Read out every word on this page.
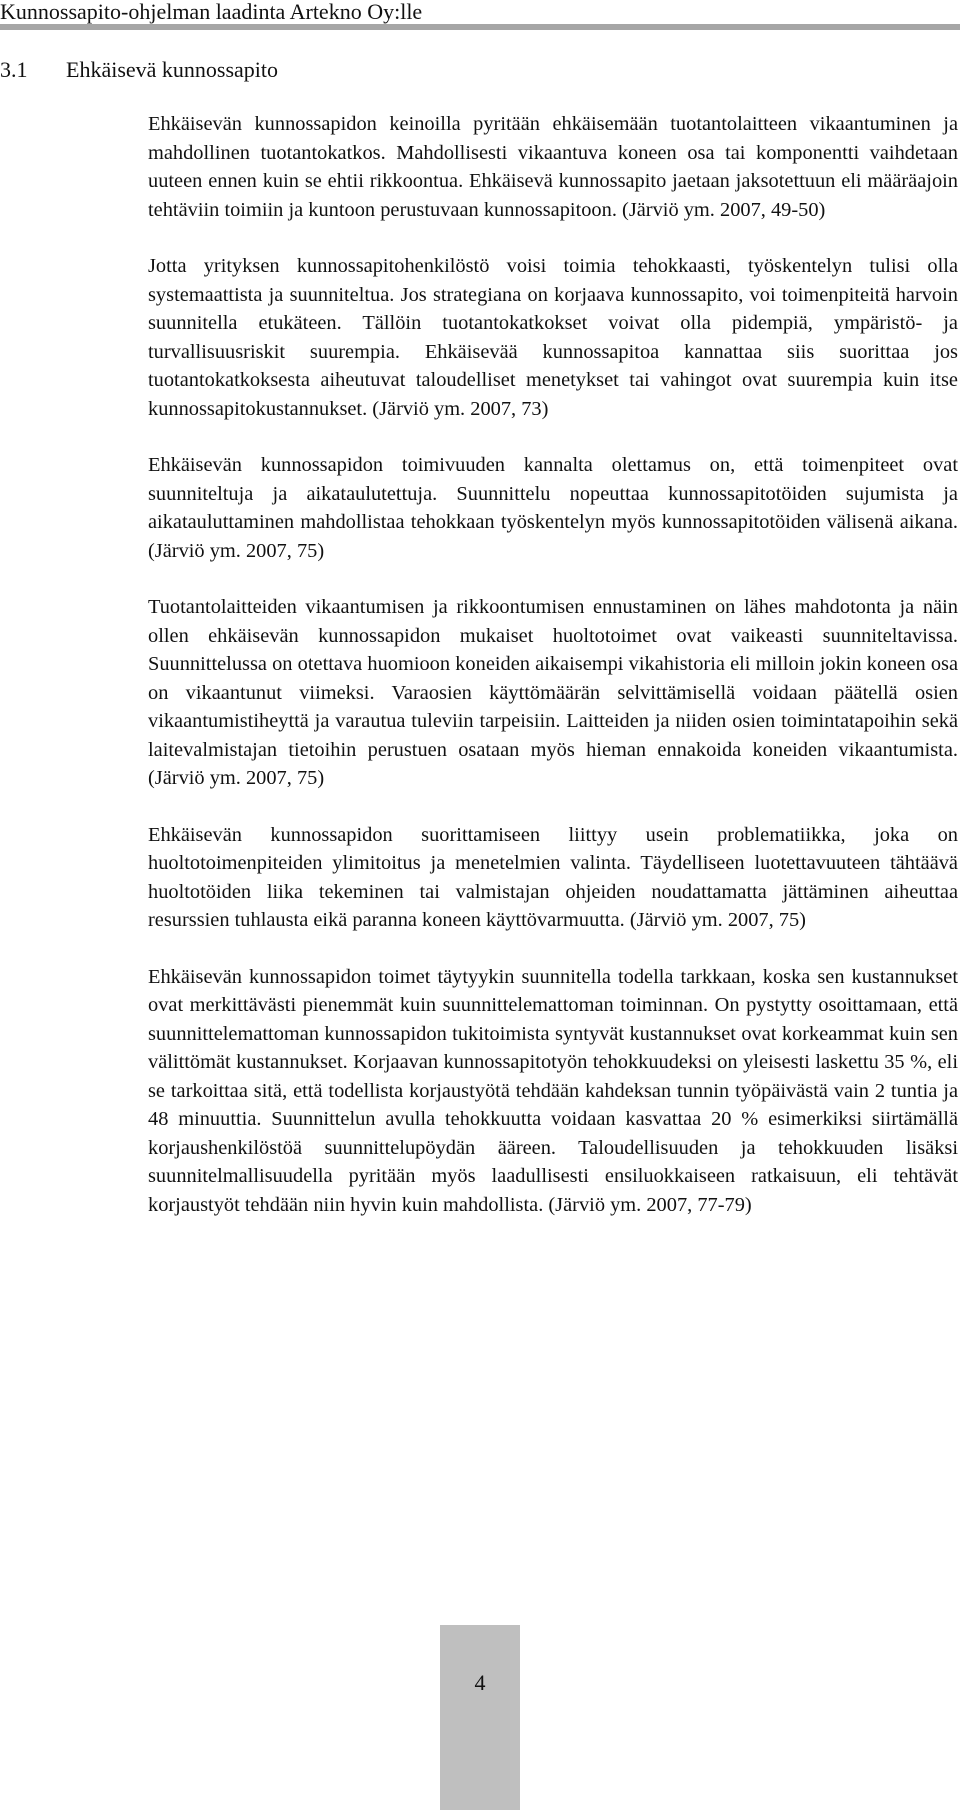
Kunnossapito-ohjelman laadinta Artekno Oy:lle
3.1 Ehkäisevä kunnossapito

Ehkäisevän kunnossapidon keinoilla pyritään ehkäisemään tuotantolaitteen vikaantuminen ja mahdollinen tuotantokatkos. Mahdollisesti vikaantuva koneen osa tai komponentti vaihdetaan uuteen ennen kuin se ehtii rikkoontua. Ehkäisevä kunnossapito jaetaan jaksotettuun eli määräajoin tehtäviin toimiin ja kuntoon perustuvaan kunnossapitoon. (Järviö ym. 2007, 49-50)

Jotta yrityksen kunnossapitohenkilöstö voisi toimia tehokkaasti, työskentelyn tulisi olla systemaattista ja suunniteltua. Jos strategiana on korjaava kunnossapito, voi toimenpiteitä harvoin suunnitella etukäteen. Tällöin tuotantokatkokset voivat olla pidempiä, ympäristö- ja turvallisuusriskit suurempia. Ehkäisevää kunnossapitoa kannattaa siis suorittaa jos tuotantokatkoksesta aiheutuvat taloudelliset menetykset tai vahingot ovat suurempia kuin itse kunnossapitokustannukset. (Järviö ym. 2007, 73)

Ehkäisevän kunnossapidon toimivuuden kannalta olettamus on, että toimenpiteet ovat suunniteltuja ja aikataulutettuja. Suunnittelu nopeuttaa kunnossapitotöiden sujumista ja aikatauluttaminen mahdollistaa tehokkaan työskentelyn myös kunnossapitotöiden välisenä aikana. (Järviö ym. 2007, 75)

Tuotantolaitteiden vikaantumisen ja rikkoontumisen ennustaminen on lähes mahdotonta ja näin ollen ehkäisevän kunnossapidon mukaiset huoltotoimet ovat vaikeasti suunniteltavissa. Suunnittelussa on otettava huomioon koneiden aikaisempi vikahistoria eli milloin jokin koneen osa on vikaantunut viimeksi. Varaosien käyttömäärän selvittämisellä voidaan päätellä osien vikaantumistiheyttä ja varautua tuleviin tarpeisiin. Laitteiden ja niiden osien toimintatapoihin sekä laitevalmistajan tietoihin perustuen osataan myös hieman ennakoida koneiden vikaantumista. (Järviö ym. 2007, 75)

Ehkäisevän kunnossapidon suorittamiseen liittyy usein problematiikka, joka on huoltotoimenpiteiden ylimitoitus ja menetelmien valinta. Täydelliseen luotettavuuteen tähtäävä huoltotöiden liika tekeminen tai valmistajan ohjeiden noudattamatta jättäminen aiheuttaa resurssien tuhlausta eikä paranna koneen käyttövarmuutta. (Järviö ym. 2007, 75)

Ehkäisevän kunnossapidon toimet täytyykin suunnitella todella tarkkaan, koska sen kustannukset ovat merkittävästi pienemmät kuin suunnittelemattoman toiminnan. On pystytty osoittamaan, että suunnittelemattoman kunnossapidon tukitoimista syntyvät kustannukset ovat korkeammat kuin sen välittömät kustannukset. Korjaavan kunnossapitotyön tehokkuudeksi on yleisesti laskettu 35 %, eli se tarkoittaa sitä, että todellista korjaustyötä tehdään kahdeksan tunnin työpäivästä vain 2 tuntia ja 48 minuuttia. Suunnittelun avulla tehokkuutta voidaan kasvattaa 20 % esimerkiksi siirtämällä korjaushenkilöstöä suunnittelupöydän ääreen. Taloudellisuuden ja tehokkuuden lisäksi suunnitelmallisuudella pyritään myös laadullisesti ensiluokkaiseen ratkaisuun, eli tehtävät korjaustyöt tehdään niin hyvin kuin mahdollista. (Järviö ym. 2007, 77-79)

4
